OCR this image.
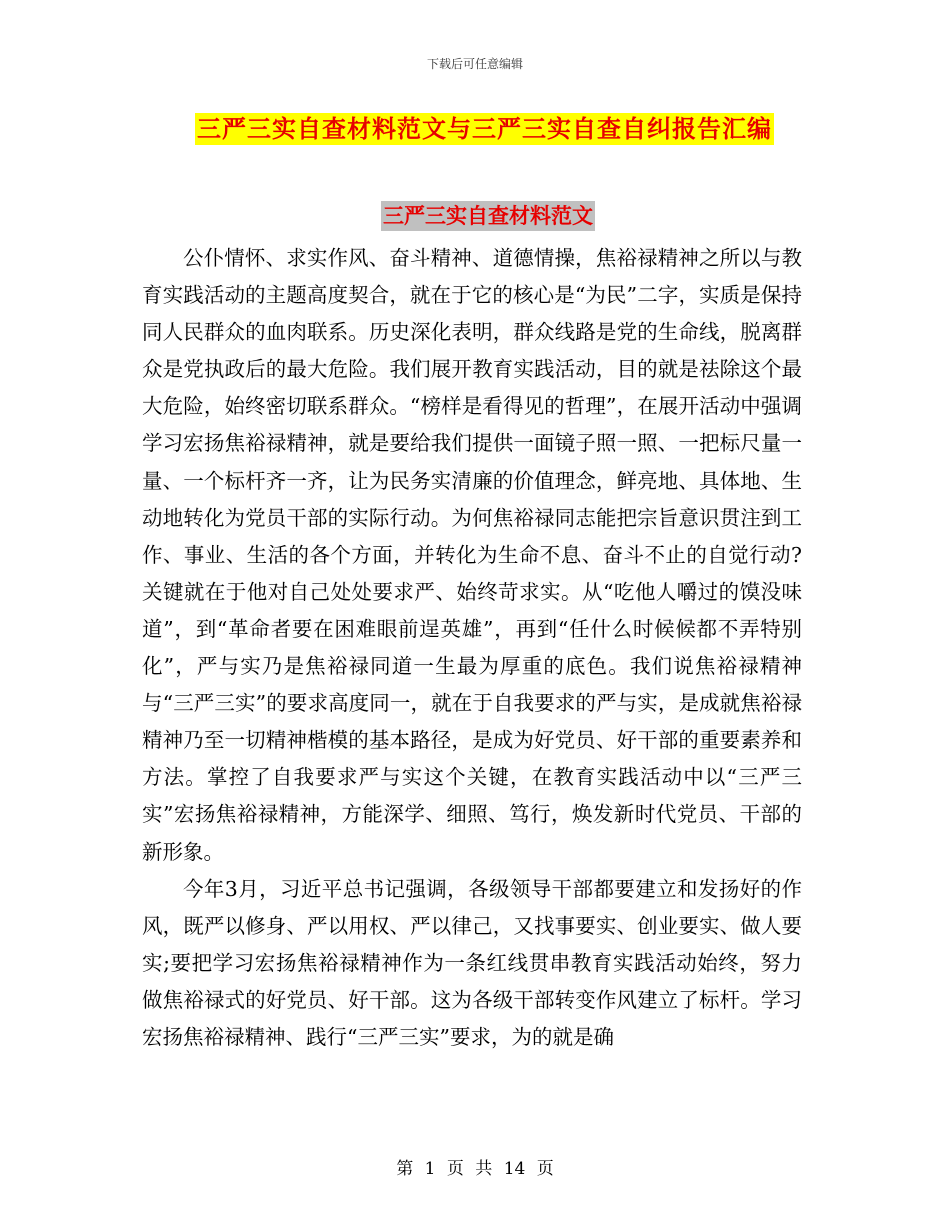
下载后可任意编辑
三严三实自查材料范文与三严三实自查自纠报告汇编
三严三实自查材料范文

公仆情怀、求实作风、奋斗精神、道德情操，焦裕禄精神之所以与教育实践活动的主题高度契合，就在于它的核心是“为民”二字，实质是保持同人民群众的血肉联系。历史深化表明，群众线路是党的生命线，脱离群众是党执政后的最大危险。我们展开教育实践活动，目的就是祛除这个最大危险，始终密切联系群众。“榜样是看得见的哲理”，在展开活动中强调学习宏扬焦裕禄精神，就是要给我们提供一面镜子照一照、一把标尺量一量、一个标杆齐一齐，让为民务实清廉的价值理念，鲜亮地、具体地、生动地转化为党员干部的实际行动。为何焦裕禄同志能把宗旨意识贯注到工作、事业、生活的各个方面，并转化为生命不息、奋斗不止的自觉行动?关键就在于他对自己处处要求严、始终苛求实。从“吃他人嚼过的馍没味道”，到“革命者要在困难眼前逞英雄”，再到“任什么时候候都不弄特别化”，严与实乃是焦裕禄同道一生最为厚重的底色。我们说焦裕禄精神与“三严三实”的要求高度同一，就在于自我要求的严与实，是成就焦裕禄精神乃至一切精神楷模的基本路径，是成为好党员、好干部的重要素养和方法。掌控了自我要求严与实这个关键，在教育实践活动中以“三严三实”宏扬焦裕禄精神，方能深学、细照、笃行，焕发新时代党员、干部的新形象。

今年3月，习近平总书记强调，各级领导干部都要建立和发扬好的作风，既严以修身、严以用权、严以律己，又找事要实、创业要实、做人要实;要把学习宏扬焦裕禄精神作为一条红线贯串教育实践活动始终，努力做焦裕禄式的好党员、好干部。这为各级干部转变作风建立了标杆。学习宏扬焦裕禄精神、践行“三严三实”要求，为的就是确

第 1 页 共 14 页
